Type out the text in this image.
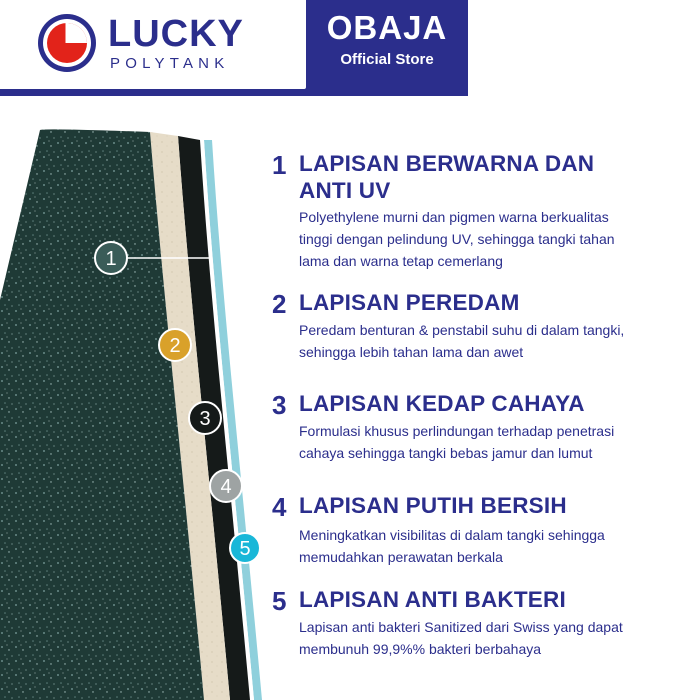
LUCKY
POLYTANK
OBAJA
Official Store
1
2
3
4
5
1 LAPISAN BERWARNA DAN
ANTI UV
Polyethylene murni dan pigmen warna berkualitas
tinggi dengan pelindung UV, sehingga tangki tahan
lama dan warna tetap cemerlang
2 LAPISAN PEREDAM
Peredam benturan & penstabil suhu di dalam tangki,
sehingga lebih tahan lama dan awet
3 LAPISAN KEDAP CAHAYA
Formulasi khusus perlindungan terhadap penetrasi
cahaya sehingga tangki bebas jamur dan lumut
4 LAPISAN PUTIH BERSIH
Meningkatkan visibilitas di dalam tangki sehingga
memudahkan perawatan berkala
5 LAPISAN ANTI BAKTERI
Lapisan anti bakteri Sanitized dari Swiss yang dapat
membunuh 99,9%% bakteri berbahaya
